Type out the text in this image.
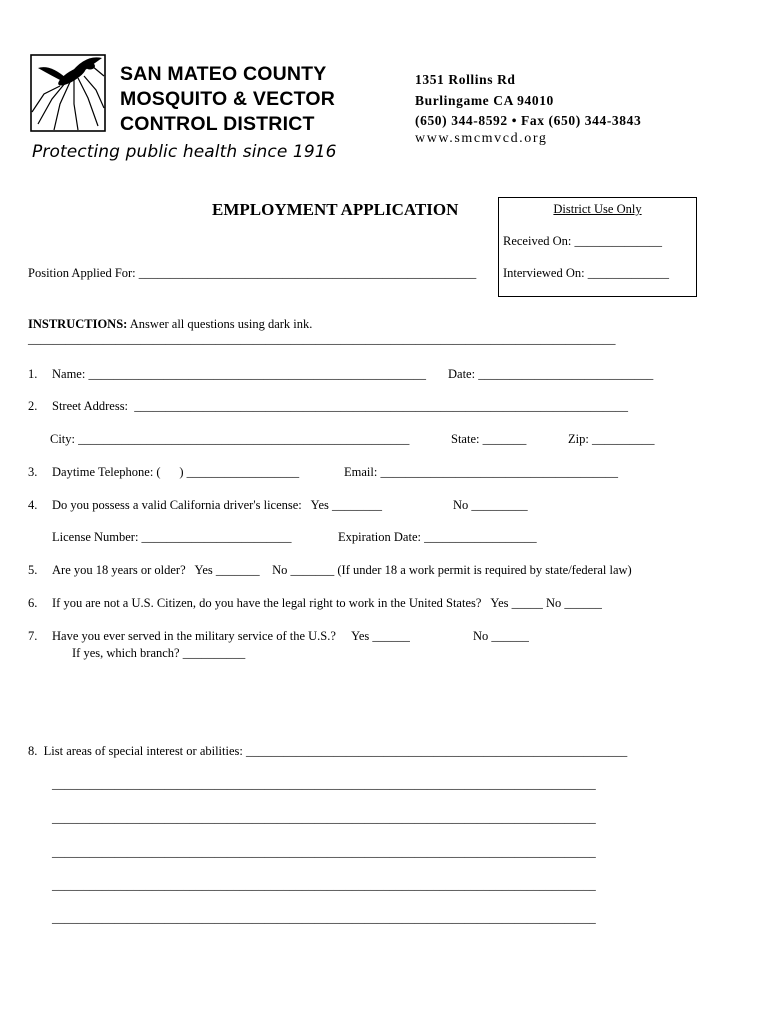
SAN MATEO COUNTY
MOSQUITO & VECTOR
CONTROL DISTRICT
Protecting public health since 1916
1351 Rollins Rd
Burlingame CA 94010
(650) 344-8592 • Fax (650) 344-3843
www.smcmvcd.org
EMPLOYMENT APPLICATION	District Use Only
Received On: ______________
Interviewed On: _____________
Position Applied For: ______________________________________________________
INSTRUCTIONS: Answer all questions using dark ink.
______________________________________________________________________________________________
1. Name: ______________________________________________________ Date: ____________________________
2. Street Address:  _______________________________________________________________________________
City: _____________________________________________________	State: _______	Zip: __________
3. Daytime Telephone: (      ) __________________	Email: ______________________________________
4. Do you possess a valid California driver's license:   Yes ________	No _________
License Number: ________________________	Expiration Date: __________________
5. Are you 18 years or older?   Yes _______    No _______ (If under 18 a work permit is required by state/federal law)
6. If you are not a U.S. Citizen, do you have the legal right to work in the United States?   Yes _____ No ______
7. Have you ever served in the military service of the U.S.?     Yes ______	No ______
If yes, which branch? __________
8.  List areas of special interest or abilities: _____________________________________________________________
_______________________________________________________________________________________
_______________________________________________________________________________________
_______________________________________________________________________________________
_______________________________________________________________________________________
_______________________________________________________________________________________
